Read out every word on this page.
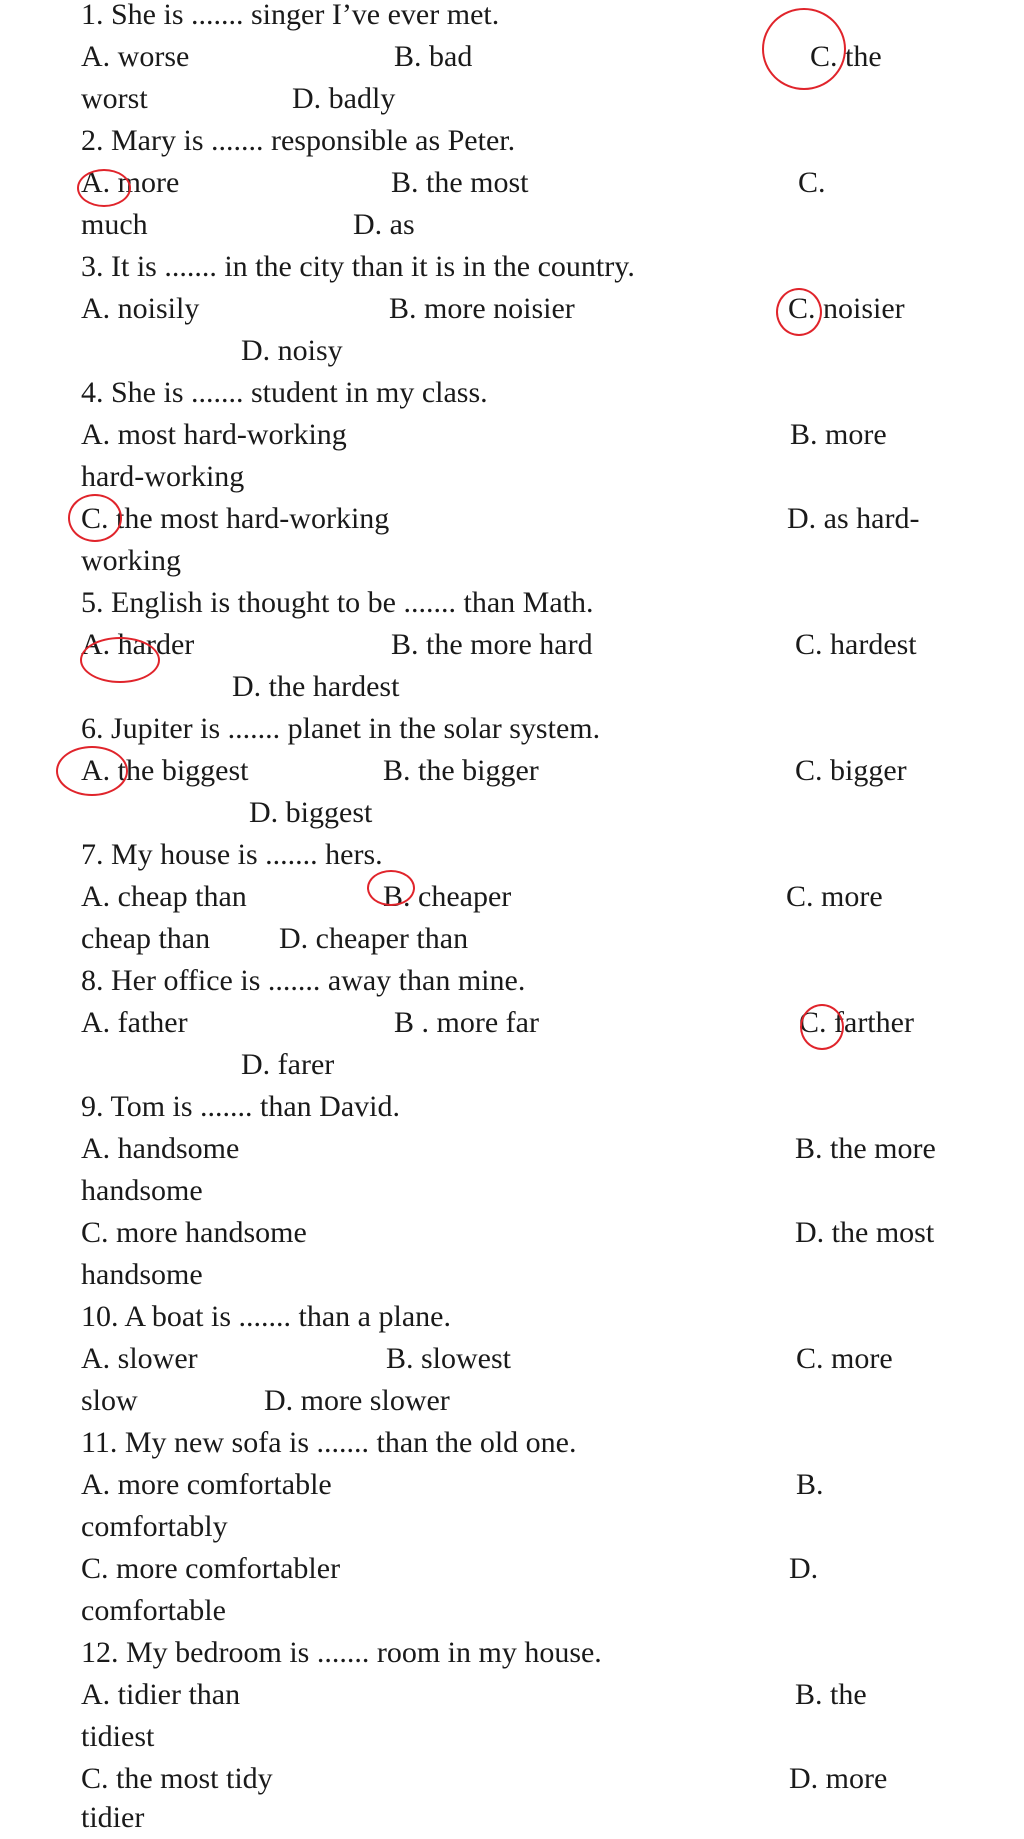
1. She is ....... singer I’ve ever met.
A. worse	B. bad	C. the
worst	D. badly
2. Mary is ....... responsible as Peter.
A. more	B. the most	C.
much	D. as
3. It is ....... in the city than it is in the country.
A. noisily	B. more noisier	C. noisier
D. noisy
4. She is ....... student in my class.
A. most hard-working	B. more
hard-working
C. the most hard-working	D. as hard-
working
5. English is thought to be ....... than Math.
A. harder	B. the more hard	C. hardest
D. the hardest
6. Jupiter is ....... planet in the solar system.
A. the biggest	B. the bigger	C. bigger
D. biggest
7. My house is ....... hers.
A. cheap than	B. cheaper	C. more
cheap than D. cheaper than
8. Her office is ....... away than mine.
A. father	B . more far	C. farther
D. farer
9. Tom is ....... than David.
A. handsome	B. the more
handsome
C. more handsome	D. the most
handsome
10. A boat is ....... than a plane.
A. slower	B. slowest	C. more
slow	D. more slower
11. My new sofa is ....... than the old one.
A. more comfortable	B.
comfortably
C. more comfortabler	D.
comfortable
12. My bedroom is ....... room in my house.
A. tidier than	B. the
tidiest
C. the most tidy	D. more
tidier
